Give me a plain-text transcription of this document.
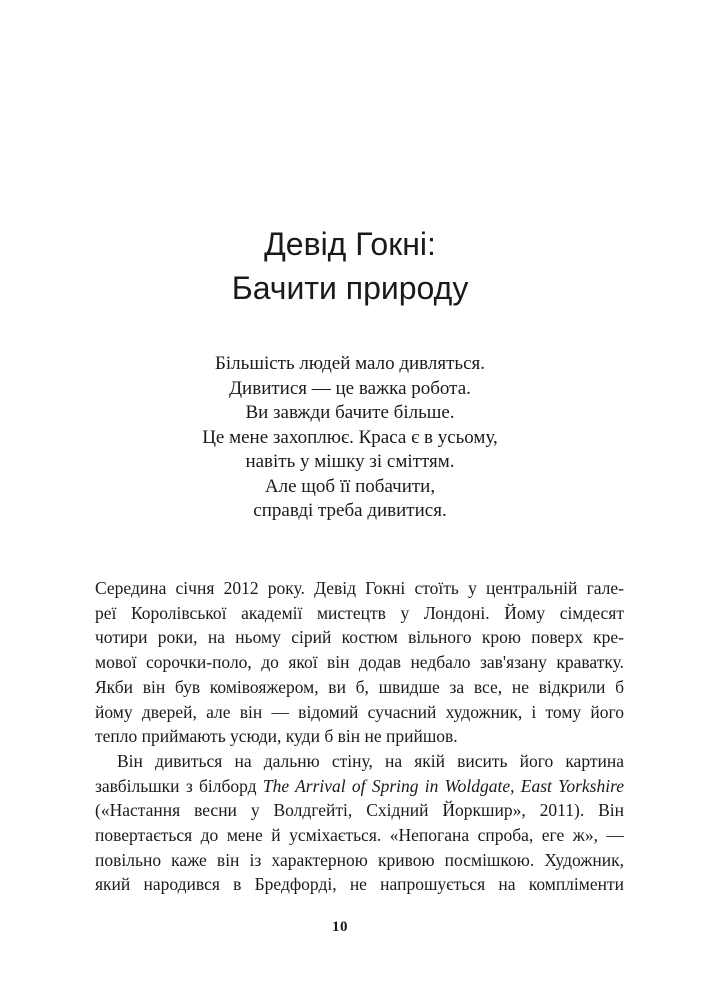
Девід Гокні:
Бачити природу
Більшість людей мало дивляться.
Дивитися — це важка робота.
Ви завжди бачите більше.
Це мене захоплює. Краса є в усьому,
навіть у мішку зі сміттям.
Але щоб її побачити,
справді треба дивитися.
Середина січня 2012 року. Девід Гокні стоїть у центральній гале-
реї Королівської академії мистецтв у Лондоні. Йому сімдесят
чотири роки, на ньому сірий костюм вільного крою поверх кре-
мової сорочки-поло, до якої він додав недбало зав'язану краватку.
Якби він був комівояжером, ви б, швидше за все, не відкрили б
йому дверей, але він — відомий сучасний художник, і тому його
тепло приймають усюди, куди б він не прийшов.
Він дивиться на дальню стіну, на якій висить його картина
завбільшки з білборд The Arrival of Spring in Woldgate, East Yorkshire
(«Настання весни у Волдгейті, Східний Йоркшир», 2011). Він
повертається до мене й усміхається. «Непогана спроба, еге ж», —
повільно каже він із характерною кривою посмішкою. Художник,
який народився в Бредфорді, не напрошується на компліменти
10
